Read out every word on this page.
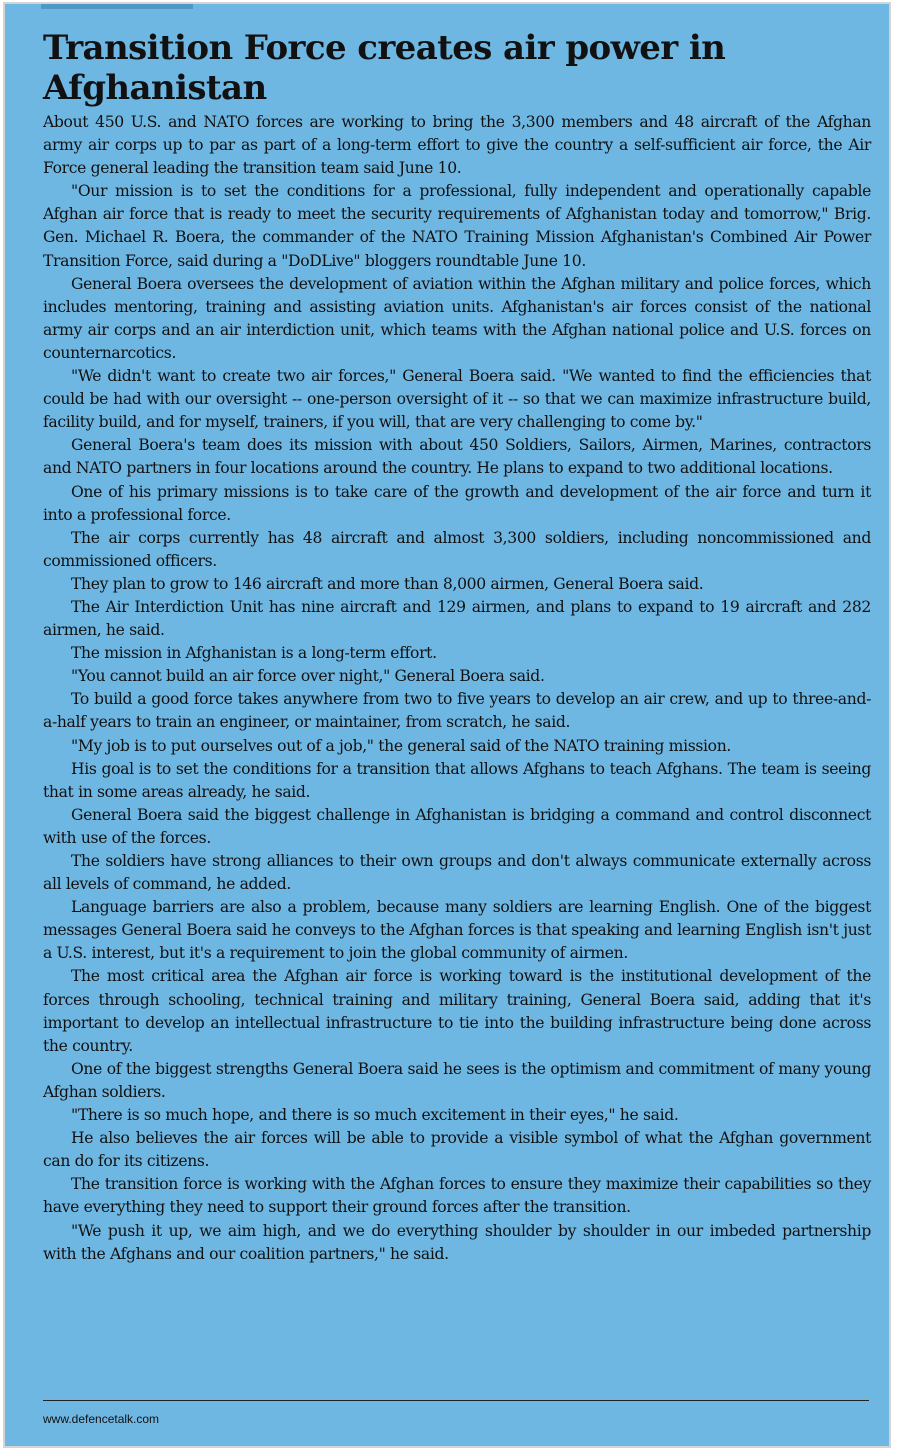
Transition Force creates air power in Afghanistan

About 450 U.S. and NATO forces are working to bring the 3,300 members and 48 aircraft of the Afghan army air corps up to par as part of a long-term effort to give the country a self-sufficient air force, the Air Force general leading the transition team said June 10.

"Our mission is to set the conditions for a professional, fully independent and operationally capable Afghan air force that is ready to meet the security requirements of Afghanistan today and tomorrow," Brig. Gen. Michael R. Boera, the commander of the NATO Training Mission Afghanistan's Combined Air Power Transition Force, said during a "DoDLive" bloggers roundtable June 10.

General Boera oversees the development of aviation within the Afghan military and police forces, which includes mentoring, training and assisting aviation units. Afghanistan's air forces consist of the national army air corps and an air interdiction unit, which teams with the Afghan national police and U.S. forces on counternarcotics.

"We didn't want to create two air forces," General Boera said. "We wanted to find the efficiencies that could be had with our oversight -- one-person oversight of it -- so that we can maximize infrastructure build, facility build, and for myself, trainers, if you will, that are very challenging to come by."

General Boera's team does its mission with about 450 Soldiers, Sailors, Airmen, Marines, contractors and NATO partners in four locations around the country. He plans to expand to two additional locations.

One of his primary missions is to take care of the growth and development of the air force and turn it into a professional force.

The air corps currently has 48 aircraft and almost 3,300 soldiers, including noncommissioned and commissioned officers.

They plan to grow to 146 aircraft and more than 8,000 airmen, General Boera said.

The Air Interdiction Unit has nine aircraft and 129 airmen, and plans to expand to 19 aircraft and 282 airmen, he said.

The mission in Afghanistan is a long-term effort.

"You cannot build an air force over night," General Boera said.

To build a good force takes anywhere from two to five years to develop an air crew, and up to three-and-a-half years to train an engineer, or maintainer, from scratch, he said.

"My job is to put ourselves out of a job," the general said of the NATO training mission.

His goal is to set the conditions for a transition that allows Afghans to teach Afghans. The team is seeing that in some areas already, he said.

General Boera said the biggest challenge in Afghanistan is bridging a command and control disconnect with use of the forces.

The soldiers have strong alliances to their own groups and don't always communicate externally across all levels of command, he added.

Language barriers are also a problem, because many soldiers are learning English. One of the biggest messages General Boera said he conveys to the Afghan forces is that speaking and learning English isn't just a U.S. interest, but it's a requirement to join the global community of airmen.

The most critical area the Afghan air force is working toward is the institutional development of the forces through schooling, technical training and military training, General Boera said, adding that it's important to develop an intellectual infrastructure to tie into the building infrastructure being done across the country.

One of the biggest strengths General Boera said he sees is the optimism and commitment of many young Afghan soldiers.

"There is so much hope, and there is so much excitement in their eyes," he said.

He also believes the air forces will be able to provide a visible symbol of what the Afghan government can do for its citizens.

The transition force is working with the Afghan forces to ensure they maximize their capabilities so they have everything they need to support their ground forces after the transition.

"We push it up, we aim high, and we do everything shoulder by shoulder in our imbeded partnership with the Afghans and our coalition partners," he said.

www.defencetalk.com
